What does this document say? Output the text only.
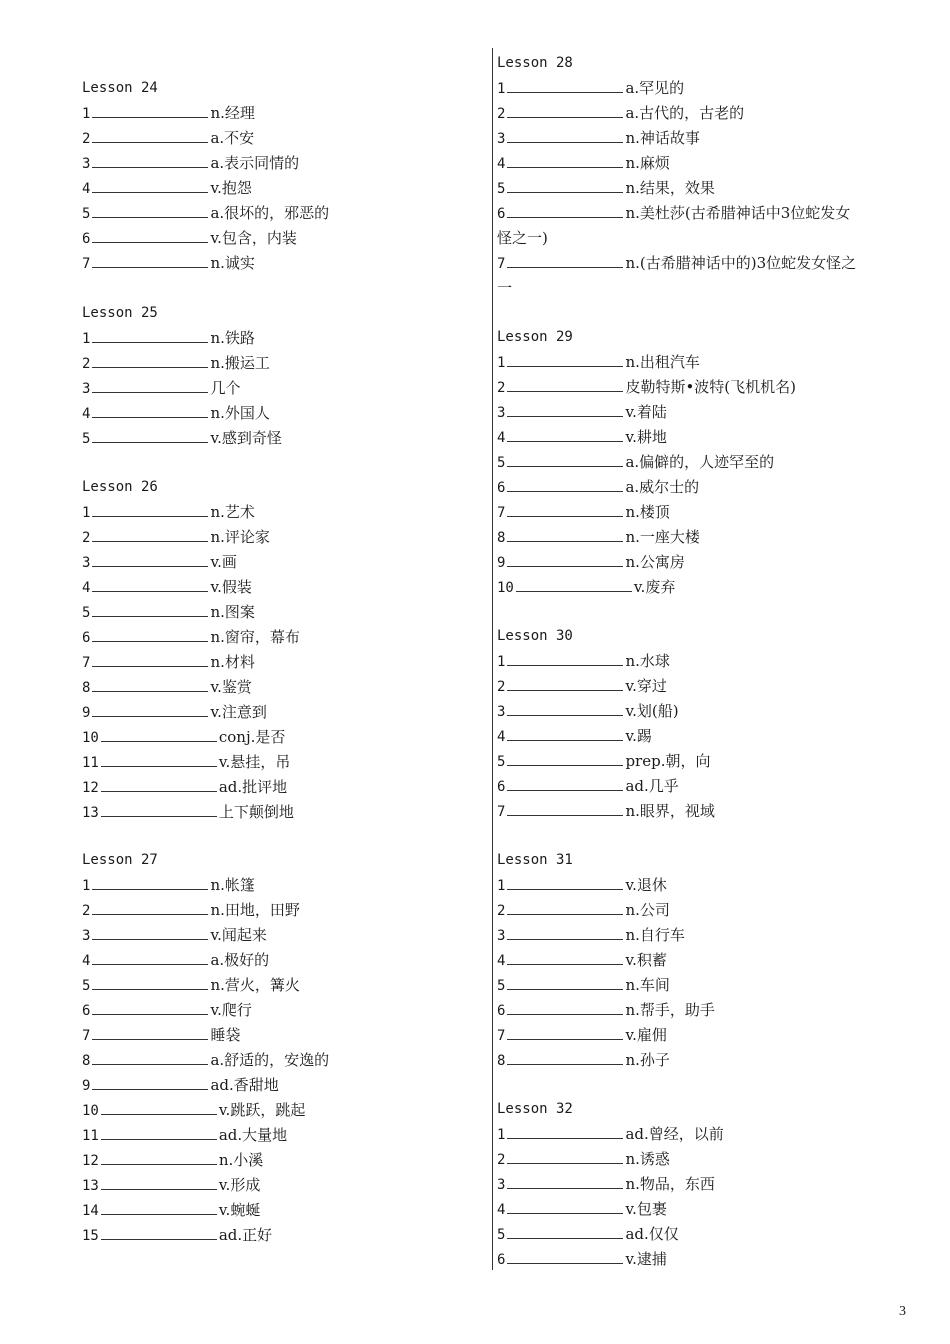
Lesson 24
1	n.经理
2	a.不安
3	a.表示同情的
4	v.抱怨
5	a.很坏的，邪恶的
6	v.包含，内装
7	n.诚实
Lesson 25
1	n.铁路
2	n.搬运工
3	几个
4	n.外国人
5	v.感到奇怪
Lesson 26
1	n.艺术
2	n.评论家
3	v.画
4	v.假装
5	n.图案
6	n.窗帘，幕布
7	n.材料
8	v.鉴赏
9	v.注意到
10	conj.是否
11	v.悬挂，吊
12	ad.批评地
13	上下颠倒地
Lesson 27
1	n.帐篷
2	n.田地，田野
3	v.闻起来
4	a.极好的
5	n.营火，篝火
6	v.爬行
7	睡袋
8	a.舒适的，安逸的
9	ad.香甜地
10	v.跳跃，跳起
11	ad.大量地
12	n.小溪
13	v.形成
14	v.蜿蜒
15	ad.正好
Lesson 28
1	a.罕见的
2	a.古代的，古老的
3	n.神话故事
4	n.麻烦
5	n.结果，效果
6	n.美杜莎(古希腊神话中3位蛇发女
怪之一)
7	n.(古希腊神话中的)3位蛇发女怪之
一
Lesson 29
1	n.出租汽车
2	皮勒特斯•波特(飞机机名)
3	v.着陆
4	v.耕地
5	a.偏僻的，人迹罕至的
6	a.威尔士的
7	n.楼顶
8	n.一座大楼
9	n.公寓房
10	v.废弃
Lesson 30
1	n.水球
2	v.穿过
3	v.划(船)
4	v.踢
5	prep.朝，向
6	ad.几乎
7	n.眼界，视域
Lesson 31
1	v.退休
2	n.公司
3	n.自行车
4	v.积蓄
5	n.车间
6	n.帮手，助手
7	v.雇佣
8	n.孙子
Lesson 32
1	ad.曾经，以前
2	n.诱惑
3	n.物品，东西
4	v.包裹
5	ad.仅仅
6	v.逮捕
3
